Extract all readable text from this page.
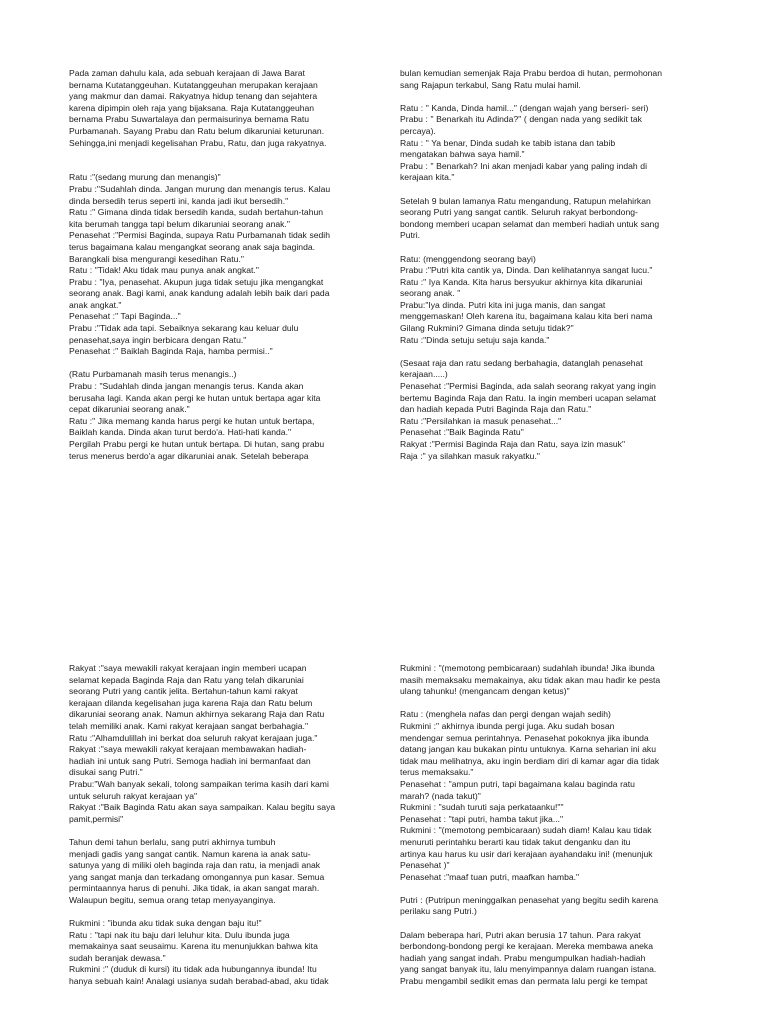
Pada zaman dahulu kala, ada sebuah kerajaan di Jawa Barat
bernama Kutatanggeuhan. Kutatanggeuhan merupakan kerajaan
yang makmur dan damai. Rakyatnya hidup tenang dan sejahtera
karena dipimpin oleh raja yang bijaksana. Raja Kutatanggeuhan
bernama Prabu Suwartalaya dan permaisurinya bernama Ratu
Purbamanah. Sayang Prabu dan Ratu belum dikaruniai keturunan.
Sehingga,ini menjadi kegelisahan Prabu, Ratu, dan juga rakyatnya.

Ratu :"(sedang murung dan menangis)"
Prabu :"Sudahlah dinda. Jangan murung dan menangis terus. Kalau
dinda bersedih terus seperti ini, kanda jadi ikut bersedih."
Ratu :" Gimana dinda tidak bersedih kanda, sudah bertahun-tahun
kita berumah tangga tapi belum dikaruniai seorang anak."
Penasehat :"Permisi Baginda, supaya Ratu Purbamanah tidak sedih
terus bagaimana kalau mengangkat seorang anak saja baginda.
Barangkali bisa mengurangi kesedihan Ratu."
Ratu : "Tidak! Aku tidak mau punya anak angkat."
Prabu : "Iya, penasehat. Akupun juga tidak setuju jika mengangkat
seorang anak. Bagi kami, anak kandung adalah lebih baik dari pada
anak angkat."
Penasehat :" Tapi Baginda..."
Prabu :"Tidak ada tapi. Sebaiknya sekarang kau keluar dulu
penasehat,saya ingin berbicara dengan Ratu."
Penasehat :" Baiklah Baginda Raja, hamba permisi.."

(Ratu Purbamanah masih terus menangis..)
Prabu : "Sudahlah dinda jangan menangis terus. Kanda akan
berusaha lagi. Kanda akan pergi ke hutan untuk bertapa agar kita
cepat dikaruniai seorang anak."
Ratu :" Jika memang kanda harus pergi ke hutan untuk bertapa,
Baiklah kanda. Dinda akan turut berdo'a. Hati-hati kanda."
Pergilah Prabu pergi ke hutan untuk bertapa. Di hutan, sang prabu
terus menerus berdo'a agar dikaruniai anak. Setelah beberapa
bulan kemudian semenjak Raja Prabu berdoa di hutan, permohonan
sang Rajapun terkabul, Sang Ratu mulai hamil.

Ratu : " Kanda, Dinda hamil..." (dengan wajah yang berseri- seri)
Prabu : " Benarkah itu Adinda?" ( dengan nada yang sedikit tak
percaya).
Ratu : " Ya benar, Dinda sudah ke tabib istana dan tabib
mengatakan bahwa saya hamil."
Prabu : " Benarkah? Ini akan menjadi kabar yang paling indah di
kerajaan kita."

Setelah 9 bulan lamanya Ratu mengandung, Ratupun melahirkan
seorang Putri yang sangat cantik. Seluruh rakyat berbondong-
bondong memberi ucapan selamat dan memberi hadiah untuk sang
Putri.

Ratu: (menggendong seorang bayi)
Prabu :"Putri kita cantik ya, Dinda. Dan kelihatannya sangat lucu."
Ratu :" Iya Kanda. Kita harus bersyukur akhirnya kita dikaruniai
seorang anak. "
Prabu:"Iya dinda. Putri kita ini juga manis, dan sangat
menggemaskan! Oleh karena itu, bagaimana kalau kita beri nama
Gilang Rukmini? Gimana dinda setuju tidak?"
Ratu :"Dinda setuju setuju saja kanda."

(Sesaat raja dan ratu sedang berbahagia, datanglah penasehat
kerajaan.....)
Penasehat :"Permisi Baginda, ada salah seorang rakyat yang ingin
bertemu Baginda Raja dan Ratu. Ia ingin memberi ucapan selamat
dan hadiah kepada Putri Baginda Raja dan Ratu."
Ratu :"Persilahkan ia masuk penasehat..."
Penasehat :"Baik Baginda Ratu"
Rakyat :"Permisi Baginda Raja dan Ratu, saya izin masuk"
Raja :" ya silahkan masuk rakyatku."
Rakyat :"saya mewakili rakyat kerajaan ingin memberi ucapan
selamat kepada Baginda Raja dan Ratu yang telah dikaruniai
seorang Putri yang cantik jelita. Bertahun-tahun kami rakyat
kerajaan dilanda kegelisahan juga karena Raja dan Ratu belum
dikaruniai seorang anak. Namun akhirnya sekarang Raja dan Ratu
telah memiliki anak. Kami rakyat kerajaan sangat berbahagia."
Ratu :"Alhamdulillah ini berkat doa seluruh rakyat kerajaan juga."
Rakyat :"saya mewakili rakyat kerajaan membawakan hadiah-
hadiah ini untuk sang Putri. Semoga hadiah ini bermanfaat dan
disukai sang Putri."
Prabu:"Wah banyak sekali, tolong sampaikan terima kasih dari kami
untuk seluruh rakyat kerajaan ya"
Rakyat :"Baik Baginda Ratu akan saya sampaikan. Kalau begitu saya
pamit,permisi"

Tahun demi tahun berlalu, sang putri akhirnya tumbuh
menjadi gadis yang sangat cantik. Namun karena ia anak satu-
satunya yang di miliki oleh baginda raja dan ratu, ia menjadi anak
yang sangat manja dan terkadang omongannya pun kasar. Semua
permintaannya harus di penuhi. Jika tidak, ia akan sangat marah.
Walaupun begitu, semua orang tetap menyayanginya.

Rukmini : "ibunda aku tidak suka dengan baju itu!"
Ratu : "tapi nak itu baju dari leluhur kita. Dulu ibunda juga
memakainya saat seusaimu. Karena itu menunjukkan bahwa kita
sudah beranjak dewasa."
Rukmini :" (duduk di kursi) itu tidak ada hubungannya ibunda! Itu
hanya sebuah kain! Analagi usianya sudah berabad-abad, aku tidak
Rukmini : "(memotong pembicaraan) sudahlah ibunda! Jika ibunda
masih memaksaku memakainya, aku tidak akan mau hadir ke pesta
ulang tahunku! (mengancam dengan ketus)"

Ratu : (menghela nafas dan pergi dengan wajah sedih)
Rukmini :" akhirnya ibunda pergi juga. Aku sudah bosan
mendengar semua perintahnya. Penasehat pokoknya jika ibunda
datang jangan kau bukakan pintu untuknya. Karna seharian ini aku
tidak mau melihatnya, aku ingin berdiam diri di kamar agar dia tidak
terus memaksaku."
Penasehat : "ampun putri, tapi bagaimana kalau baginda ratu
marah? (nada takut)"
Rukmini : "sudah turuti saja perkataanku!""
Penasehat : "tapi putri, hamba takut jika..."
Rukmini : "(memotong pembicaraan) sudah diam! Kalau kau tidak
menuruti perintahku berarti kau tidak takut denganku dan itu
artinya kau harus ku usir dari kerajaan ayahandaku ini! (menunjuk
Penasehat )"
Penasehat :"maaf tuan putri, maafkan hamba."

Putri : (Putripun meninggalkan penasehat yang begitu sedih karena
perilaku sang Putri.)

Dalam beberapa hari, Putri akan berusia 17 tahun. Para rakyat
berbondong-bondong pergi ke kerajaan. Mereka membawa aneka
hadiah yang sangat indah. Prabu mengumpulkan hadiah-hadiah
yang sangat banyak itu, lalu menyimpannya dalam ruangan istana.
Prabu mengambil sedikit emas dan permata lalu pergi ke tempat
